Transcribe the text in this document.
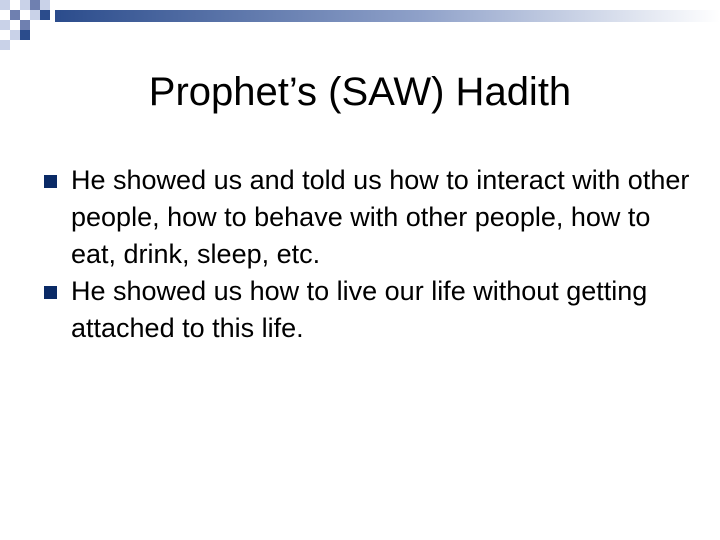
Prophet’s (SAW) Hadith
He showed us and told us how to interact with other people, how to behave with other people, how to eat, drink, sleep, etc.
He showed us how to live our life without getting attached to this life.
